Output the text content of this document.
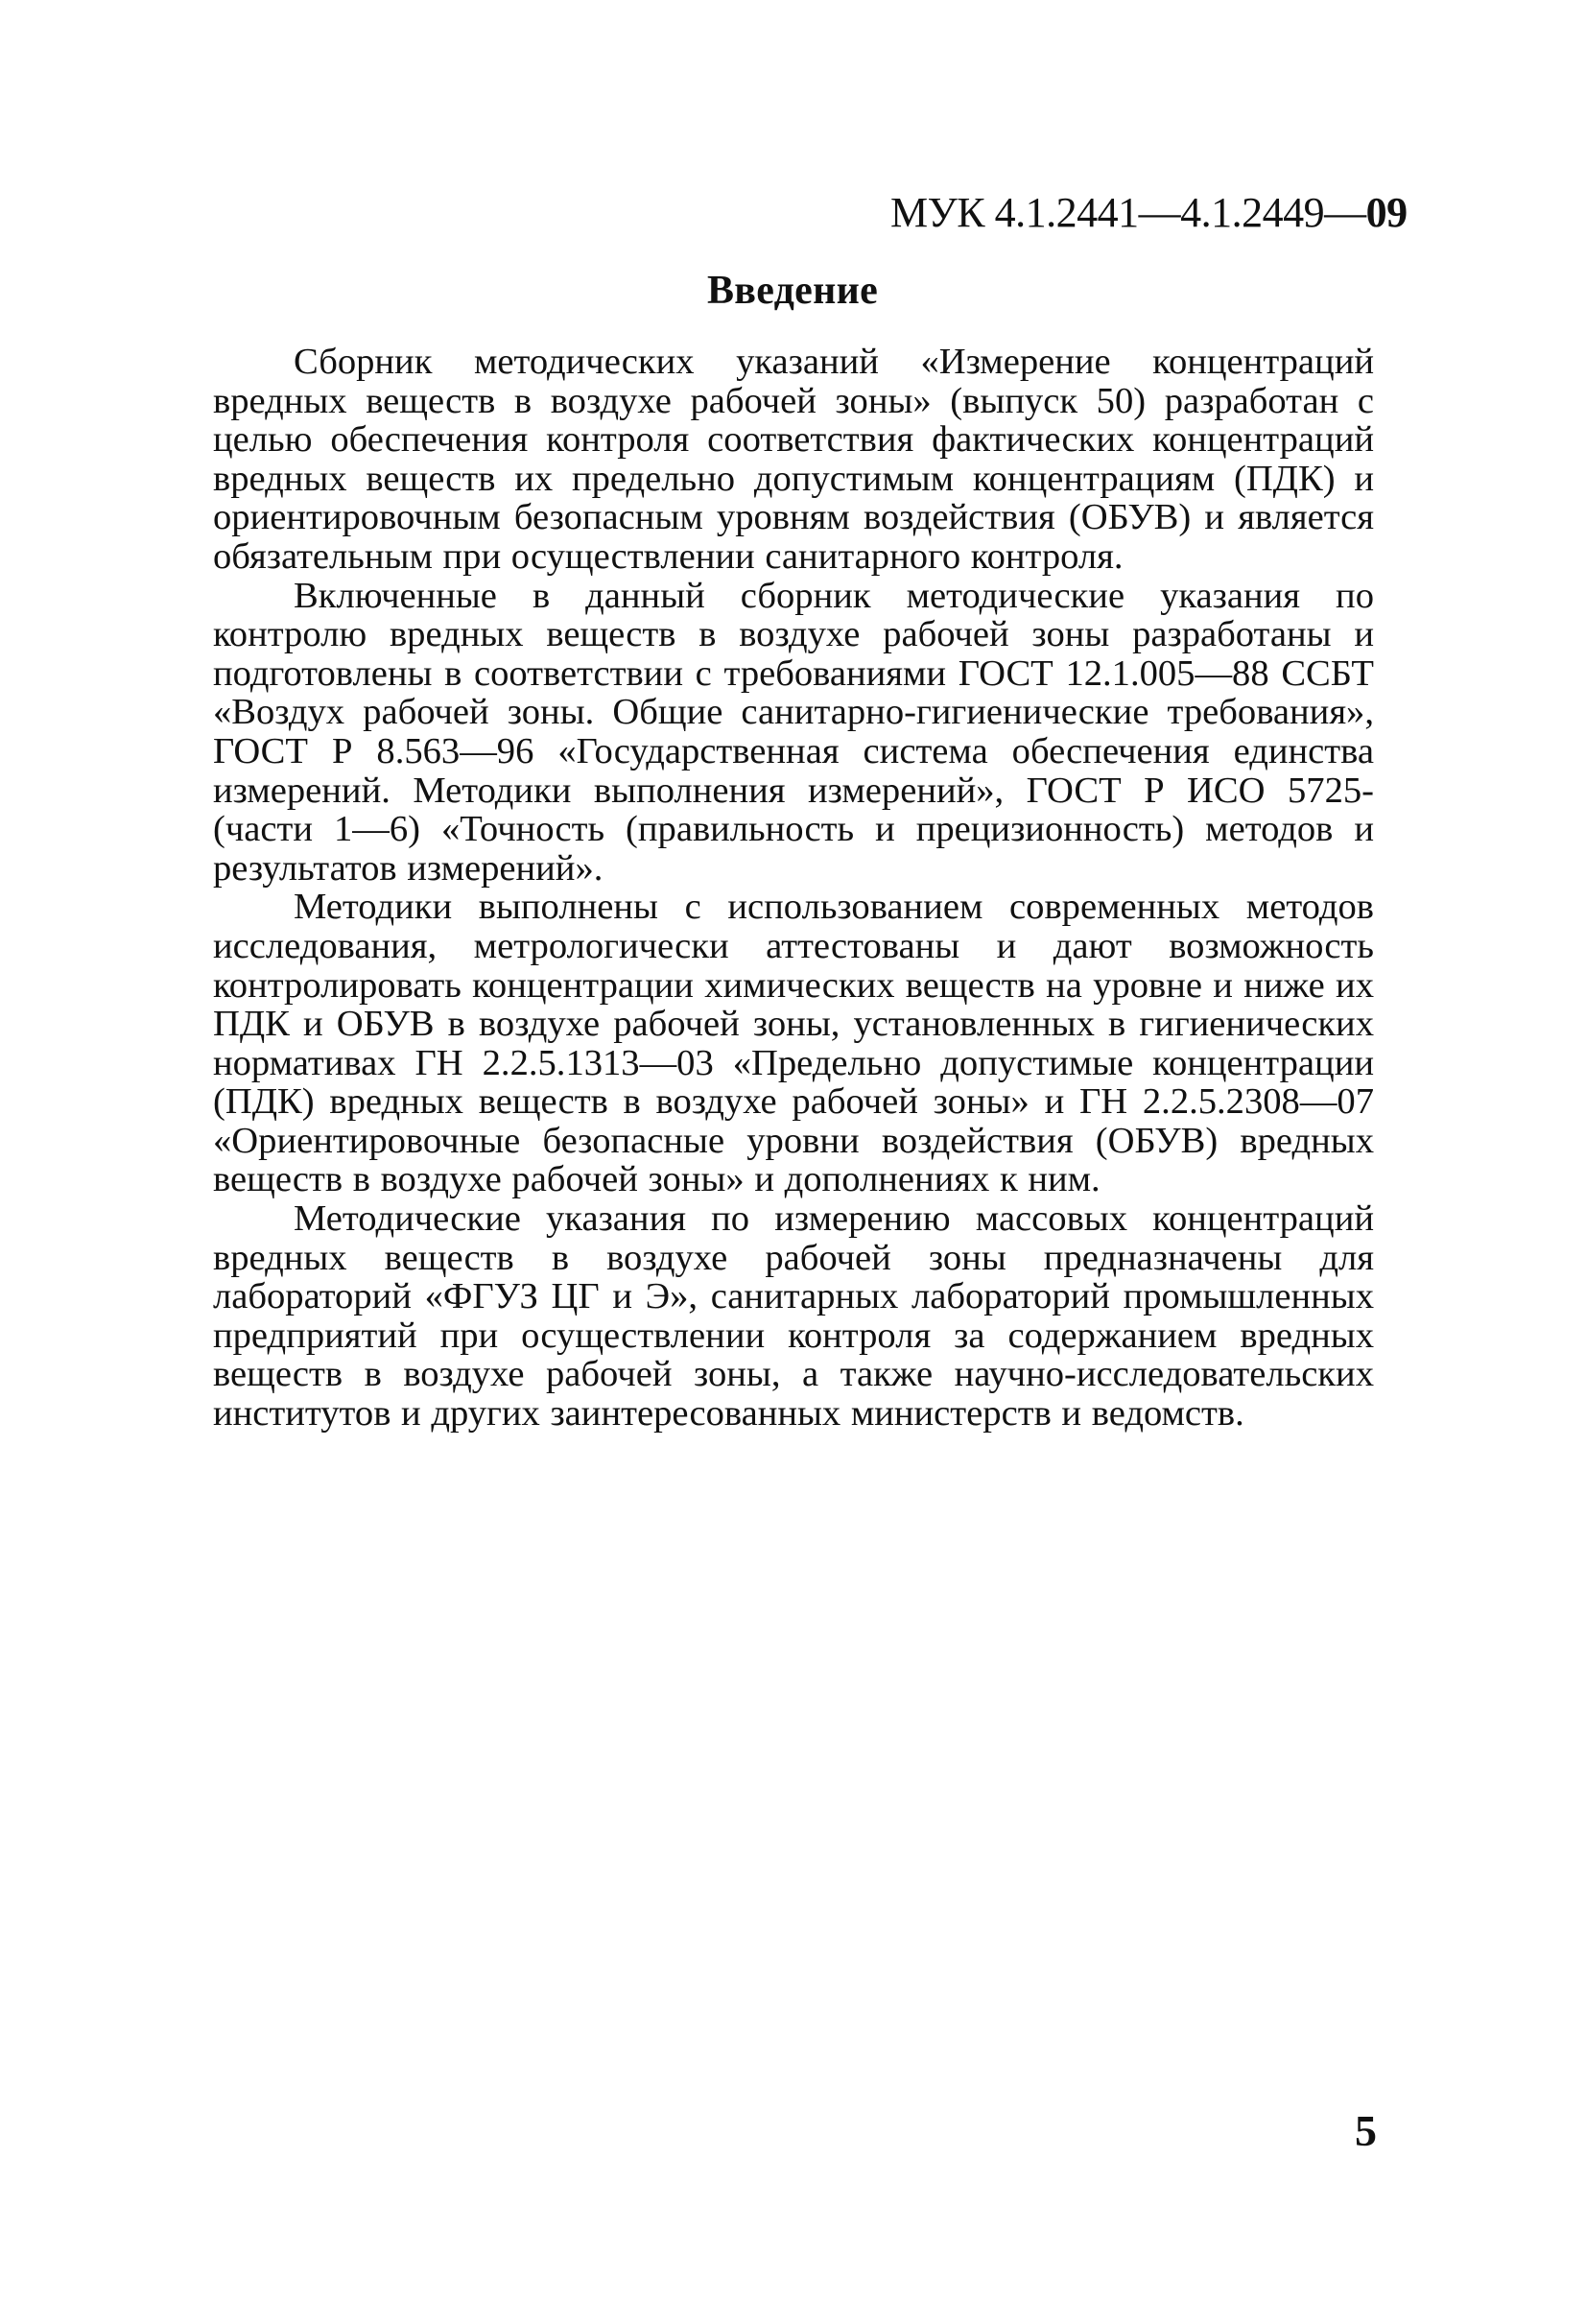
МУК 4.1.2441—4.1.2449—09
Введение

Сборник методических указаний «Измерение концентраций вредных веществ в воздухе рабочей зоны» (выпуск 50) разработан с целью обеспечения контроля соответствия фактических концентраций вредных веществ их предельно допустимым концентрациям (ПДК) и ориентировочным безопасным уровням воздействия (ОБУВ) и является обязательным при осуществлении санитарного контроля.

Включенные в данный сборник методические указания по контролю вредных веществ в воздухе рабочей зоны разработаны и подготовлены в соответствии с требованиями ГОСТ 12.1.005—88 ССБТ «Воздух рабочей зоны. Общие санитарно-гигиенические требования», ГОСТ Р 8.563—96 «Государственная система обеспечения единства измерений. Методики выполнения измерений», ГОСТ Р ИСО 5725-(части 1—6) «Точность (правильность и прецизионность) методов и результатов измерений».

Методики выполнены с использованием современных методов исследования, метрологически аттестованы и дают возможность контролировать концентрации химических веществ на уровне и ниже их ПДК и ОБУВ в воздухе рабочей зоны, установленных в гигиенических нормативах ГН 2.2.5.1313—03 «Предельно допустимые концентрации (ПДК) вредных веществ в воздухе рабочей зоны» и ГН 2.2.5.2308—07 «Ориентировочные безопасные уровни воздействия (ОБУВ) вредных веществ в воздухе рабочей зоны» и дополнениях к ним.

Методические указания по измерению массовых концентраций вредных веществ в воздухе рабочей зоны предназначены для лабораторий «ФГУЗ ЦГ и Э», санитарных лабораторий промышленных предприятий при осуществлении контроля за содержанием вредных веществ в воздухе рабочей зоны, а также научно-исследовательских институтов и других заинтересованных министерств и ведомств.

5
